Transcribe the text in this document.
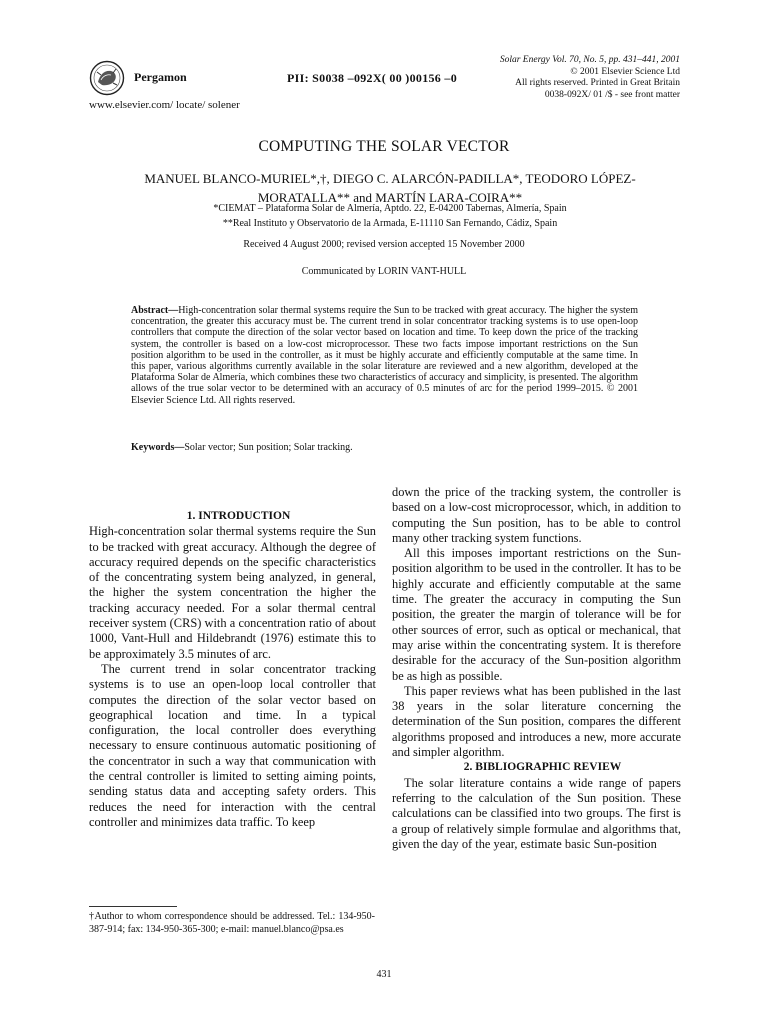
Pergamon
www.elsevier.com/ locate/ solener
PII: S0038 –092X( 00 )00156 –0
Solar Energy Vol. 70, No. 5, pp. 431–441, 2001
© 2001 Elsevier Science Ltd
All rights reserved. Printed in Great Britain
0038-092X/ 01 /$ - see front matter
COMPUTING THE SOLAR VECTOR
MANUEL BLANCO-MURIEL*,†, DIEGO C. ALARCÓN-PADILLA*, TEODORO LÓPEZ-MORATALLA** and MARTÍN LARA-COIRA**
*CIEMAT – Plataforma Solar de Almería, Aptdo. 22, E-04200 Tabernas, Almería, Spain
**Real Instituto y Observatorio de la Armada, E-11110 San Fernando, Cádiz, Spain
Received 4 August 2000; revised version accepted 15 November 2000
Communicated by LORIN VANT-HULL
Abstract—High-concentration solar thermal systems require the Sun to be tracked with great accuracy. The higher the system concentration, the greater this accuracy must be. The current trend in solar concentrator tracking systems is to use open-loop controllers that compute the direction of the solar vector based on location and time. To keep down the price of the tracking system, the controller is based on a low-cost microprocessor. These two facts impose important restrictions on the Sun position algorithm to be used in the controller, as it must be highly accurate and efficiently computable at the same time. In this paper, various algorithms currently available in the solar literature are reviewed and a new algorithm, developed at the Plataforma Solar de Almería, which combines these two characteristics of accuracy and simplicity, is presented. The algorithm allows of the true solar vector to be determined with an accuracy of 0.5 minutes of arc for the period 1999–2015. © 2001 Elsevier Science Ltd. All rights reserved.
Keywords—Solar vector; Sun position; Solar tracking.

1. INTRODUCTION

High-concentration solar thermal systems require the Sun to be tracked with great accuracy. Although the degree of accuracy required depends on the specific characteristics of the concentrating system being analyzed, in general, the higher the system concentration the higher the tracking accuracy needed. For a solar thermal central receiver system (CRS) with a concentration ratio of about 1000, Vant-Hull and Hildebrandt (1976) estimate this to be approximately 3.5 minutes of arc.

The current trend in solar concentrator tracking systems is to use an open-loop local controller that computes the direction of the solar vector based on geographical location and time. In a typical configuration, the local controller does everything necessary to ensure continuous automatic positioning of the concentrator in such a way that communication with the central controller is limited to setting aiming points, sending status data and accepting safety orders. This reduces the need for interaction with the central controller and minimizes data traffic. To keep

†Author to whom correspondence should be addressed. Tel.: 134-950-387-914; fax: 134-950-365-300; e-mail: manuel.blanco@psa.es

down the price of the tracking system, the controller is based on a low-cost microprocessor, which, in addition to computing the Sun position, has to be able to control many other tracking system functions.

All this imposes important restrictions on the Sun-position algorithm to be used in the controller. It has to be highly accurate and efficiently computable at the same time. The greater the accuracy in computing the Sun position, the greater the margin of tolerance will be for other sources of error, such as optical or mechanical, that may arise within the concentrating system. It is therefore desirable for the accuracy of the Sun-position algorithm be as high as possible.

This paper reviews what has been published in the last 38 years in the solar literature concerning the determination of the Sun position, compares the different algorithms proposed and introduces a new, more accurate and simpler algorithm.

2. BIBLIOGRAPHIC REVIEW

The solar literature contains a wide range of papers referring to the calculation of the Sun position. These calculations can be classified into two groups. The first is a group of relatively simple formulae and algorithms that, given the day of the year, estimate basic Sun-position

431
